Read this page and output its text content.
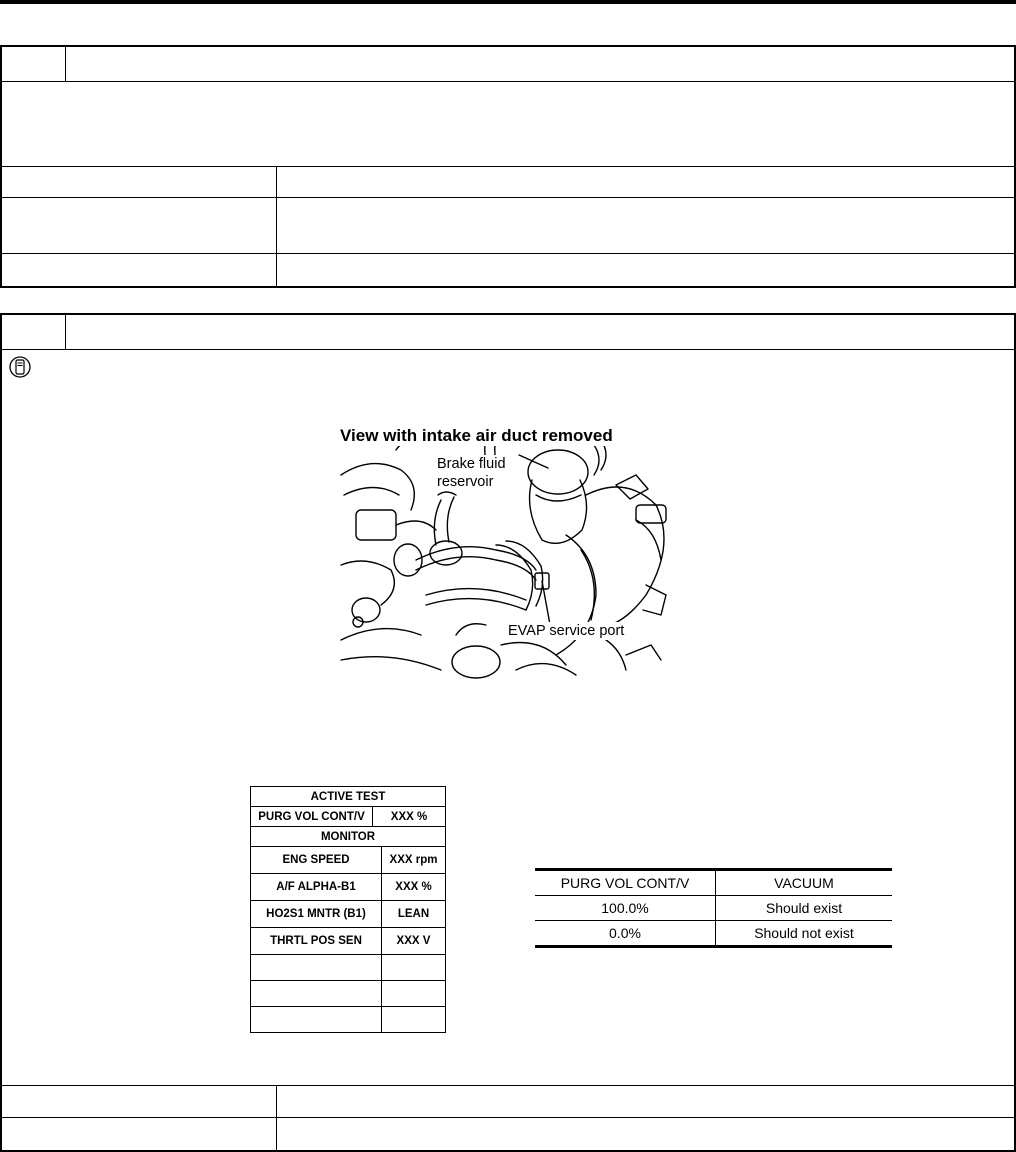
View with intake air duct removed
Brake fluid
reservoir
EVAP service port
ACTIVE TEST		
PURG VOL CONT/V	XXX %	
MONITOR		
ENG SPEED		XXX rpm
A/F ALPHA-B1		XXX %
HO2S1 MNTR (B1)		LEAN
THRTL POS SEN		XXX V

PURG VOL CONT/V	VACUUM
100.0%	Should exist
0.0%	Should not exist
